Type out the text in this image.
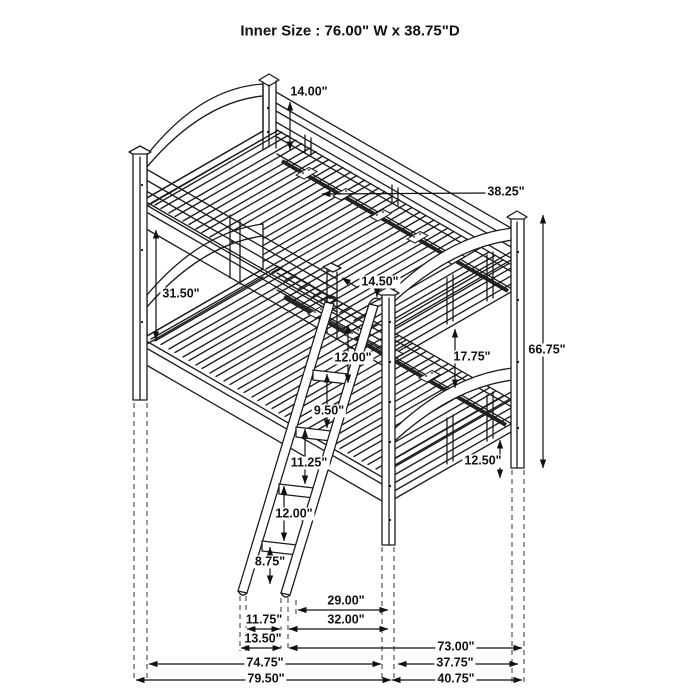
Inner Size : 76.00" W x 38.75"D
14.00"
38.25"
31.50"
14.50"
12.00"
9.50"
11.25"
12.00"
8.75"
17.75"	66.75"
12.50"
29.00"
11.75"	32.00"
13.50"
73.00"
74.75"	37.75"
79.50"	40.75"
